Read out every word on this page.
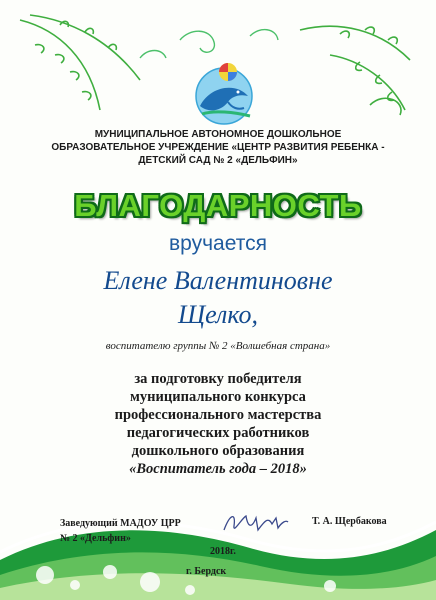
МУНИЦИПАЛЬНОЕ АВТОНОМНОЕ ДОШКОЛЬНОЕ
ОБРАЗОВАТЕЛЬНОЕ УЧРЕЖДЕНИЕ «ЦЕНТР РАЗВИТИЯ РЕБЕНКА -
ДЕТСКИЙ САД № 2 «ДЕЛЬФИН»
БЛАГОДАРНОСТЬ
вручается
Елене Валентиновне
Щелко,
воспитателю группы № 2 «Волшебная страна»
за подготовку победителя
муниципального конкурса
профессионального мастерства
педагогических работников
дошкольного образования
«Воспитатель года – 2018»
Заведующий МАДОУ ЦРР
№ 2 «Дельфин»
Т. А. Щербакова
2018г.
г. Бердск
